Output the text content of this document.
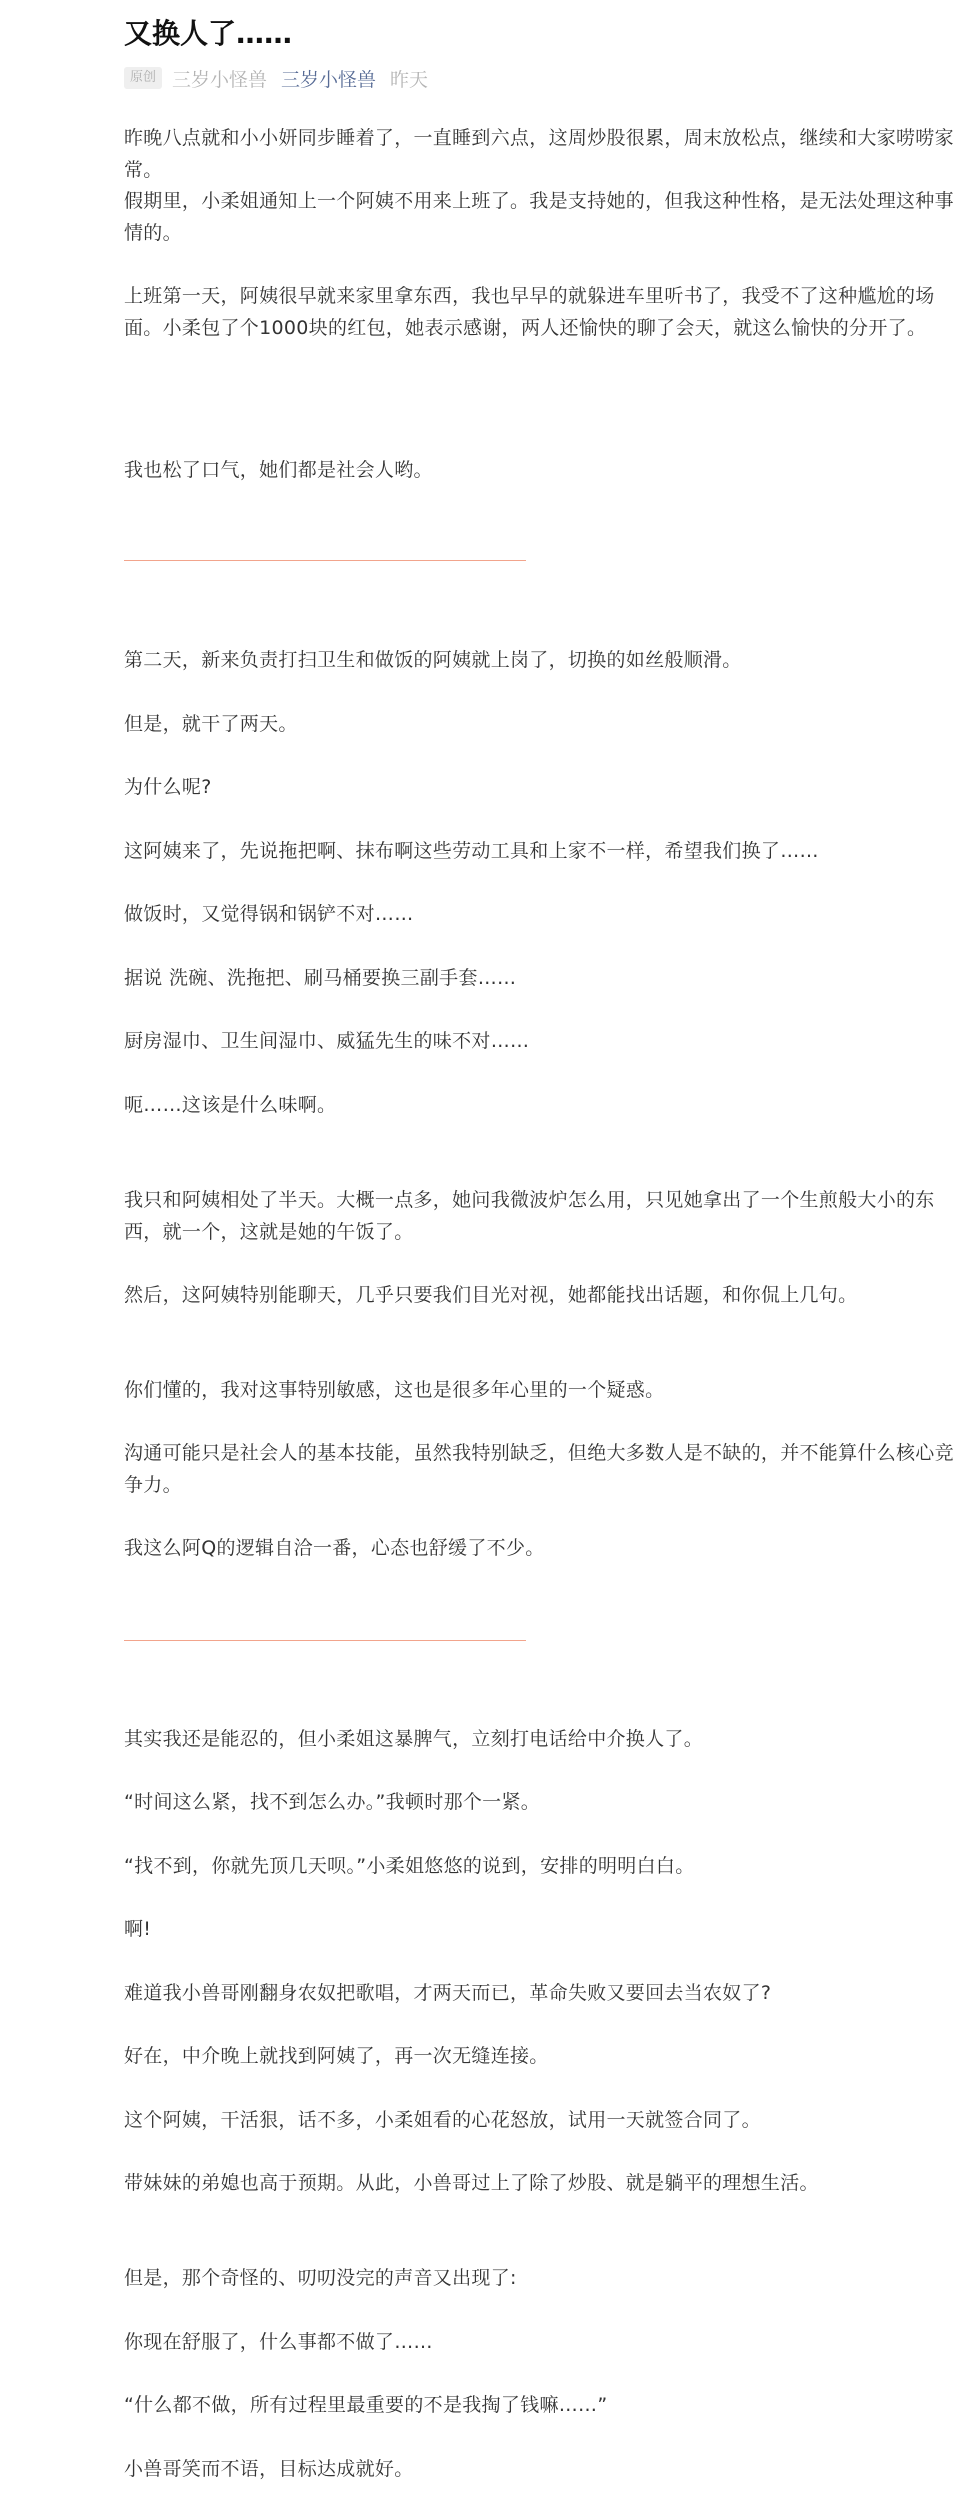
又换人了……
原创 三岁小怪兽 三岁小怪兽 昨天

昨晚八点就和小小妍同步睡着了，一直睡到六点，这周炒股很累，周末放松点，继续和大家唠唠家常。

假期里，小柔姐通知上一个阿姨不用来上班了。我是支持她的，但我这种性格，是无法处理这种事情的。

上班第一天，阿姨很早就来家里拿东西，我也早早的就躲进车里听书了，我受不了这种尴尬的场面。小柔包了个1000块的红包，她表示感谢，两人还愉快的聊了会天，就这么愉快的分开了。

我也松了口气，她们都是社会人哟。

第二天，新来负责打扫卫生和做饭的阿姨就上岗了，切换的如丝般顺滑。

但是，就干了两天。

为什么呢?

这阿姨来了，先说拖把啊、抹布啊这些劳动工具和上家不一样，希望我们换了……

做饭时，又觉得锅和锅铲不对……

据说 洗碗、洗拖把、刷马桶要换三副手套……

厨房湿巾、卫生间湿巾、威猛先生的味不对……

呃……这该是什么味啊。

我只和阿姨相处了半天。大概一点多，她问我微波炉怎么用，只见她拿出了一个生煎般大小的东西，就一个，这就是她的午饭了。

然后，这阿姨特别能聊天，几乎只要我们目光对视，她都能找出话题，和你侃上几句。

你们懂的，我对这事特别敏感，这也是很多年心里的一个疑惑。

沟通可能只是社会人的基本技能，虽然我特别缺乏，但绝大多数人是不缺的，并不能算什么核心竞争力。

我这么阿Q的逻辑自洽一番，心态也舒缓了不少。

其实我还是能忍的，但小柔姐这暴脾气，立刻打电话给中介换人了。

“时间这么紧，找不到怎么办。”我顿时那个一紧。

“找不到，你就先顶几天呗。”小柔姐悠悠的说到，安排的明明白白。

啊!

难道我小兽哥刚翻身农奴把歌唱，才两天而已，革命失败又要回去当农奴了?

好在，中介晚上就找到阿姨了，再一次无缝连接。

这个阿姨，干活狠，话不多，小柔姐看的心花怒放，试用一天就签合同了。

带妹妹的弟媳也高于预期。从此，小兽哥过上了除了炒股、就是躺平的理想生活。

但是，那个奇怪的、叨叨没完的声音又出现了:

你现在舒服了，什么事都不做了……

“什么都不做，所有过程里最重要的不是我掏了钱嘛……”

小兽哥笑而不语，目标达成就好。
